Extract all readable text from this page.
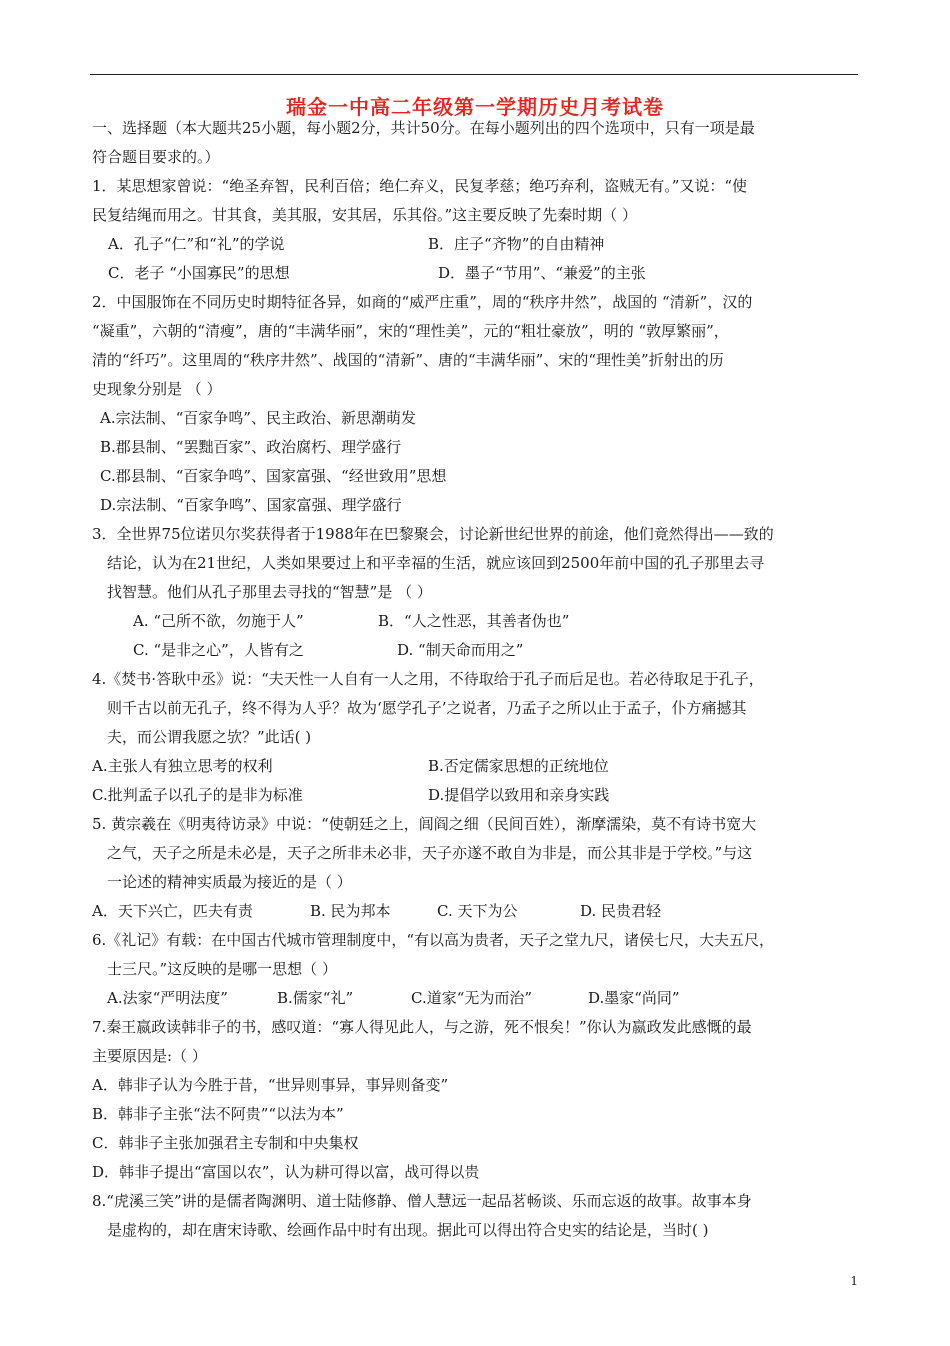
瑞金一中高二年级第一学期历史月考试卷
一、选择题（本大题共25小题，每小题2分，共计50分。在每小题列出的四个选项中，只有一项是最
符合题目要求的。）
1．某思想家曾说：“绝圣弃智，民利百倍；绝仁弃义，民复孝慈；绝巧弃利，盗贼无有。”又说：“使
民复结绳而用之。甘其食，美其服，安其居，乐其俗。”这主要反映了先秦时期（ ）
A．孔子“仁”和“礼”的学说	B．庄子“齐物”的自由精神
C．老子 “小国寡民”的思想	D．墨子“节用”、“兼爱”的主张
2．中国服饰在不同历史时期特征各异，如商的“威严庄重”，周的“秩序井然”，战国的 “清新”，汉的
“凝重”，六朝的“清瘦”，唐的“丰满华丽”，宋的“理性美”，元的“粗壮豪放”，明的 “敦厚繁丽”，
清的“纤巧”。这里周的“秩序井然”、战国的“清新”、唐的“丰满华丽”、宋的“理性美”折射出的历
史现象分别是 （ ）
A.宗法制、“百家争鸣”、民主政治、新思潮萌发
B.郡县制、“罢黜百家”、政治腐朽、理学盛行
C.郡县制、“百家争鸣”、国家富强、“经世致用”思想
D.宗法制、“百家争鸣”、国家富强、理学盛行
3．全世界75位诺贝尔奖获得者于1988年在巴黎聚会，讨论新世纪世界的前途，他们竟然得出——致的
结论，认为在21世纪，人类如果要过上和平幸福的生活，就应该回到2500年前中国的孔子那里去寻
找智慧。他们从孔子那里去寻找的“智慧”是 （ ）
A. “己所不欲，勿施于人”	B．“人之性恶，其善者伪也”
C. “是非之心”，人皆有之	D. “制天命而用之”
4.《焚书·答耿中丞》说：“夫天性一人自有一人之用，不待取给于孔子而后足也。若必待取足于孔子，
则千古以前无孔子，终不得为人乎？故为‘愿学孔子’之说者，乃孟子之所以止于孟子，仆方痛撼其
夫，而公谓我愿之欤？”此话( )
A.主张人有独立思考的权利	B.否定儒家思想的正统地位
C.批判孟子以孔子的是非为标准	D.提倡学以致用和亲身实践
5. 黄宗羲在《明夷待访录》中说：“使朝廷之上，闾阎之细（民间百姓），渐摩濡染，莫不有诗书宽大
之气，天子之所是未必是，天子之所非未必非，天子亦遂不敢自为非是，而公其非是于学校。”与这
一论述的精神实质最为接近的是（ ）
A．天下兴亡，匹夫有责	B. 民为邦本	C. 天下为公	D. 民贵君轻
6.《礼记》有载：在中国古代城市管理制度中，“有以高为贵者，天子之堂九尺，诸侯七尺，大夫五尺，
士三尺。”这反映的是哪一思想（ ）
A.法家“严明法度”	B.儒家“礼”	C.道家“无为而治”	D.墨家“尚同”
7.秦王嬴政读韩非子的书，感叹道：“寡人得见此人，与之游，死不恨矣！”你认为嬴政发此感慨的最
主要原因是:（ ）
A．韩非子认为今胜于昔，“世异则事异，事异则备变”
B．韩非子主张“法不阿贵”“以法为本”
C．韩非子主张加强君主专制和中央集权
D．韩非子提出“富国以农”，认为耕可得以富，战可得以贵
8.“虎溪三笑”讲的是儒者陶渊明、道士陆修静、僧人慧远一起品茗畅谈、乐而忘返的故事。故事本身
是虚构的，却在唐宋诗歌、绘画作品中时有出现。据此可以得出符合史实的结论是，当时( )
1
